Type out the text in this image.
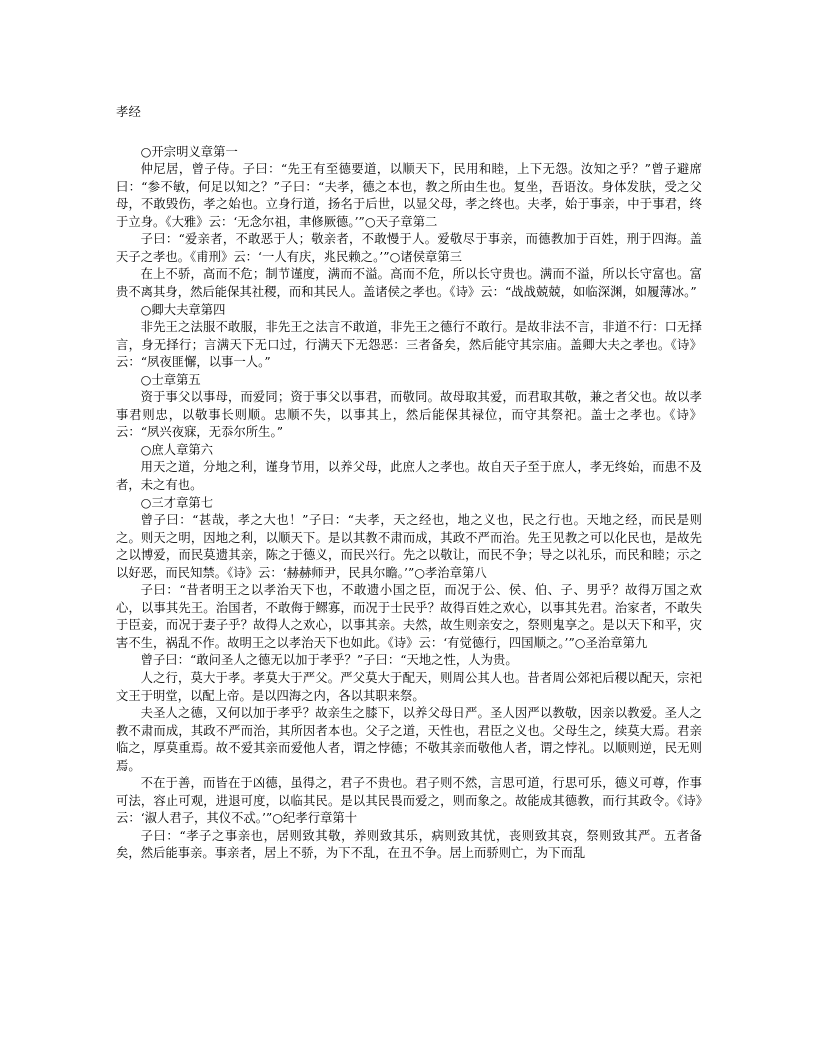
孝经

○开宗明义章第一

仲尼居，曾子侍。子曰：“先王有至德要道，以顺天下，民用和睦，上下无怨。汝知之乎？”曾子避席曰：“参不敏，何足以知之？”子曰：“夫孝，德之本也，教之所由生也。复坐，吾语汝。身体发肤，受之父母，不敢毁伤，孝之始也。立身行道，扬名于后世，以显父母，孝之终也。夫孝，始于事亲，中于事君，终于立身。《大雅》云：‘无念尔祖，聿修厥德。’”○天子章第二

子曰：“爱亲者，不敢恶于人；敬亲者，不敢慢于人。爱敬尽于事亲，而德教加于百姓，刑于四海。盖天子之孝也。《甫刑》云：‘一人有庆，兆民赖之。’”○诸侯章第三

在上不骄，高而不危；制节谨度，满而不溢。高而不危，所以长守贵也。满而不溢，所以长守富也。富贵不离其身，然后能保其社稷，而和其民人。盖诸侯之孝也。《诗》云：“战战兢兢，如临深渊，如履薄冰。”

○卿大夫章第四

非先王之法服不敢服，非先王之法言不敢道，非先王之德行不敢行。是故非法不言，非道不行：口无择言，身无择行；言满天下无口过，行满天下无怨恶：三者备矣，然后能守其宗庙。盖卿大夫之孝也。《诗》云：“夙夜匪懈，以事一人。”

○士章第五

资于事父以事母，而爱同；资于事父以事君，而敬同。故母取其爱，而君取其敬，兼之者父也。故以孝事君则忠，以敬事长则顺。忠顺不失，以事其上，然后能保其禄位，而守其祭祀。盖士之孝也。《诗》云：“夙兴夜寐，无忝尔所生。”

○庶人章第六

用天之道，分地之利，谨身节用，以养父母，此庶人之孝也。故自天子至于庶人，孝无终始，而患不及者，未之有也。

○三才章第七

曾子曰：“甚哉，孝之大也！”子曰：“夫孝，天之经也，地之义也，民之行也。天地之经，而民是则之。则天之明，因地之利，以顺天下。是以其教不肃而成，其政不严而治。先王见教之可以化民也，是故先之以博爱，而民莫遗其亲，陈之于德义，而民兴行。先之以敬让，而民不争；导之以礼乐，而民和睦；示之以好恶，而民知禁。《诗》云：‘赫赫师尹，民具尔瞻。’”○孝治章第八

子曰：“昔者明王之以孝治天下也，不敢遗小国之臣，而况于公、侯、伯、子、男乎？故得万国之欢心，以事其先王。治国者，不敢侮于鳏寡，而况于士民乎？故得百姓之欢心，以事其先君。治家者，不敢失于臣妾，而况于妻子乎？故得人之欢心，以事其亲。夫然，故生则亲安之，祭则鬼享之。是以天下和平，灾害不生，祸乱不作。故明王之以孝治天下也如此。《诗》云：‘有觉德行，四国顺之。’”○圣治章第九

曾子曰：“敢问圣人之德无以加于孝乎？”子曰：“天地之性，人为贵。

人之行，莫大于孝。孝莫大于严父。严父莫大于配天，则周公其人也。昔者周公郊祀后稷以配天，宗祀文王于明堂，以配上帝。是以四海之内，各以其职来祭。

夫圣人之德，又何以加于孝乎？故亲生之膝下，以养父母日严。圣人因严以教敬，因亲以教爱。圣人之教不肃而成，其政不严而治，其所因者本也。父子之道，天性也，君臣之义也。父母生之，续莫大焉。君亲临之，厚莫重焉。故不爱其亲而爱他人者，谓之悖德；不敬其亲而敬他人者，谓之悖礼。以顺则逆，民无则焉。

不在于善，而皆在于凶德，虽得之，君子不贵也。君子则不然，言思可道，行思可乐，德义可尊，作事可法，容止可观，进退可度，以临其民。是以其民畏而爱之，则而象之。故能成其德教，而行其政令。《诗》云：‘淑人君子，其仪不忒。’”○纪孝行章第十

子曰：“孝子之事亲也，居则致其敬，养则致其乐，病则致其忧，丧则致其哀，祭则致其严。五者备矣，然后能事亲。事亲者，居上不骄，为下不乱，在丑不争。居上而骄则亡，为下而乱
